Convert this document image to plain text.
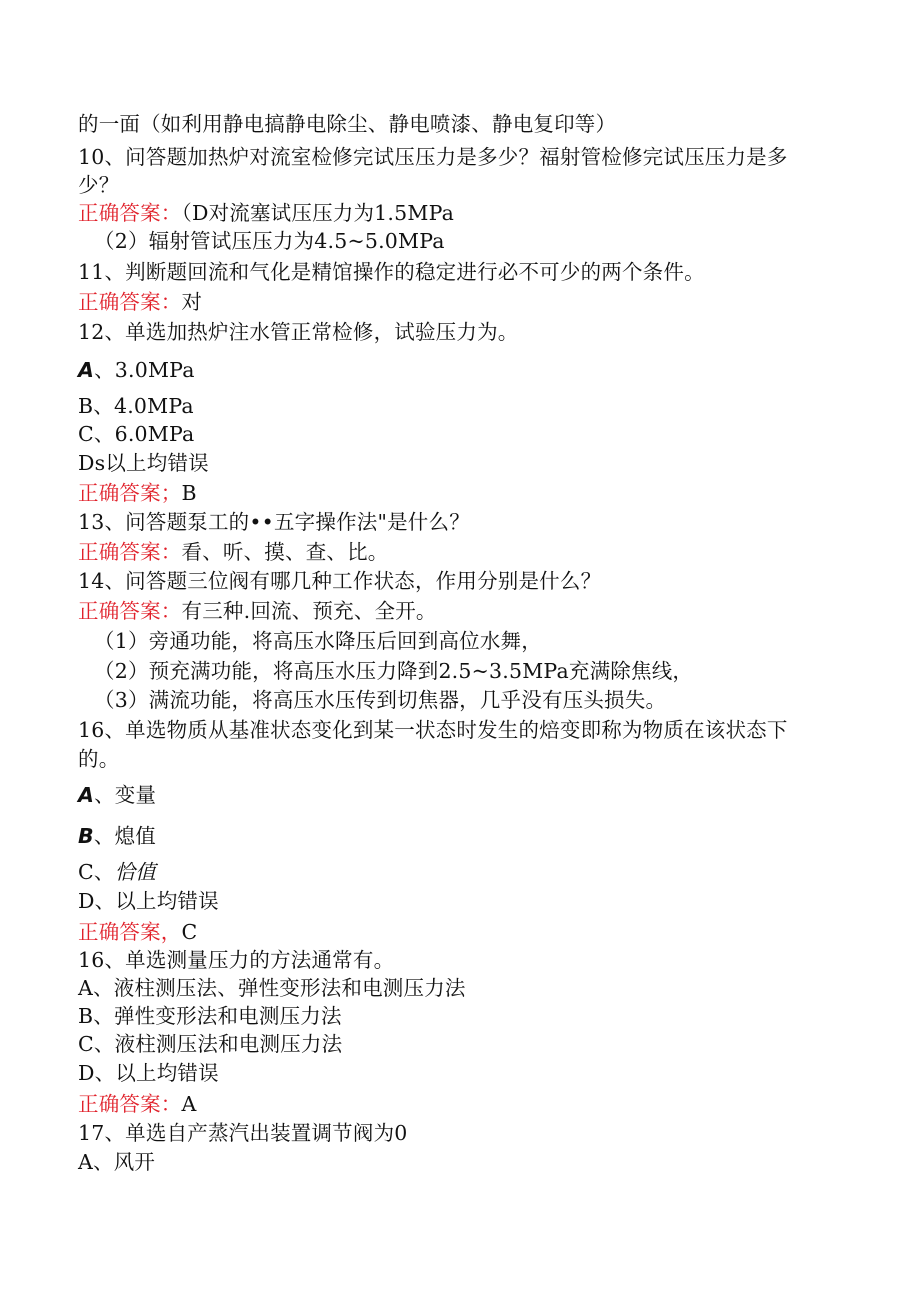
的一面（如利用静电搞静电除尘、静电喷漆、静电复印等）
10、问答题加热炉对流室检修完试压压力是多少？福射管检修完试压压力是多
少？
正确答案：（D对流塞试压压力为1.5MPa
（2）辐射管试压压力为4.5~5.0MPa
11、判断题回流和气化是精馆操作的稳定进行必不可少的两个条件。
正确答案：对
12、单选加热炉注水管正常检修，试验压力为。
A、3.0MPa
B、4.0MPa
C、6.0MPa
Ds以上均错误
正确答案；B
13、问答题泵工的••五字操作法"是什么？
正确答案：看、听、摸、查、比。
14、问答题三位阀有哪几种工作状态，作用分别是什么？
正确答案：有三种.回流、预充、全开。
（1）旁通功能，将高压水降压后回到高位水舞，
（2）预充满功能，将高压水压力降到2.5~3.5MPa充满除焦线，
（3）满流功能，将高压水压传到切焦器，几乎没有压头损失。
16、单选物质从基准状态变化到某一状态时发生的焙变即称为物质在该状态下
的。
A、变量
B、熄值
C、恰值
D、以上均错误
正确答案，C
16、单选测量压力的方法通常有。
A、液柱测压法、弹性变形法和电测压力法
B、弹性变形法和电测压力法
C、液柱测压法和电测压力法
D、以上均错误
正确答案：A
17、单选自产蒸汽出装置调节阀为0
A、风开
